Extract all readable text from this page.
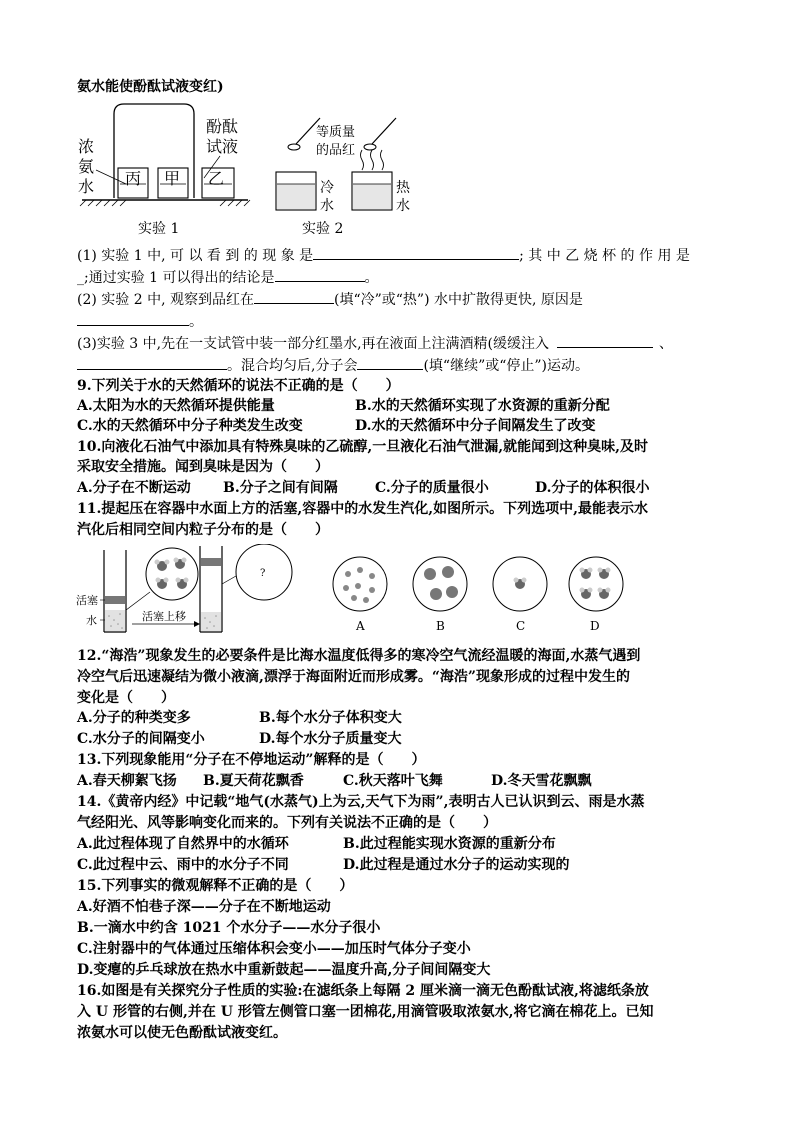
氨水能使酚酞试液变红)
浓
氨
水 丙 甲 乙
酚酞
试液
实验 1
等质量
的品红
冷
水
热
水
实验 2
(1) 实验 1 中, 可 以 看 到 的 现 象 是	; 其 中 乙 烧 杯 的 作 用 是
_;通过实验 1 可以得出的结论是	。
(2) 实验 2 中, 观察到品红在	(填“冷”或“热”) 水中扩散得更快, 原因是
。
(3)实验 3 中,先在一支试管中装一部分红墨水,再在液面上注满酒精(缓缓注入	、
。混合均匀后,分子会	(填“继续”或“停止”)运动。
9.下列关于水的天然循环的说法不正确的是（　　）
A.太阳为水的天然循环提供能量	B.水的天然循环实现了水资源的重新分配
C.水的天然循环中分子种类发生改变	D.水的天然循环中分子间隔发生了改变
10.向液化石油气中添加具有特殊臭味的乙硫醇,一旦液化石油气泄漏,就能闻到这种臭味,及时
采取安全措施。闻到臭味是因为（　　）
A.分子在不断运动 B.分子之间有间隔	C.分子的质量很小	D.分子的体积很小
11.提起压在容器中水面上方的活塞,容器中的水发生汽化,如图所示。下列选项中,最能表示水
汽化后相同空间内粒子分布的是（　　）
活塞
水	活塞上移
?
A	B	C	D
12.“海浩”现象发生的必要条件是比海水温度低得多的寒冷空气流经温暖的海面,水蒸气遇到
冷空气后迅速凝结为微小液滴,漂浮于海面附近而形成雾。“海浩”现象形成的过程中发生的
变化是（　　）
A.分子的种类变多	B.每个水分子体积变大
C.水分子的间隔变小	D.每个水分子质量变大
13.下列现象能用“分子在不停地运动”解释的是（　　）
A.春天柳絮飞扬 B.夏天荷花飘香	C.秋天落叶飞舞	D.冬天雪花飘飘
14.《黄帝内经》中记载“地气(水蒸气)上为云,天气下为雨”,表明古人已认识到云、雨是水蒸
气经阳光、风等影响变化而来的。下列有关说法不正确的是（　　）
A.此过程体现了自然界中的水循环	B.此过程能实现水资源的重新分布
C.此过程中云、雨中的水分子不同	D.此过程是通过水分子的运动实现的
15.下列事实的微观解释不正确的是（　　）
A.好酒不怕巷子深——分子在不断地运动
B.一滴水中约含 1021 个水分子——水分子很小
C.注射器中的气体通过压缩体积会变小——加压时气体分子变小
D.变瘪的乒乓球放在热水中重新鼓起——温度升高,分子间间隔变大
16.如图是有关探究分子性质的实验:在滤纸条上每隔 2 厘米滴一滴无色酚酞试液,将滤纸条放
入 U 形管的右侧,并在 U 形管左侧管口塞一团棉花,用滴管吸取浓氨水,将它滴在棉花上。已知
浓氨水可以使无色酚酞试液变红。
